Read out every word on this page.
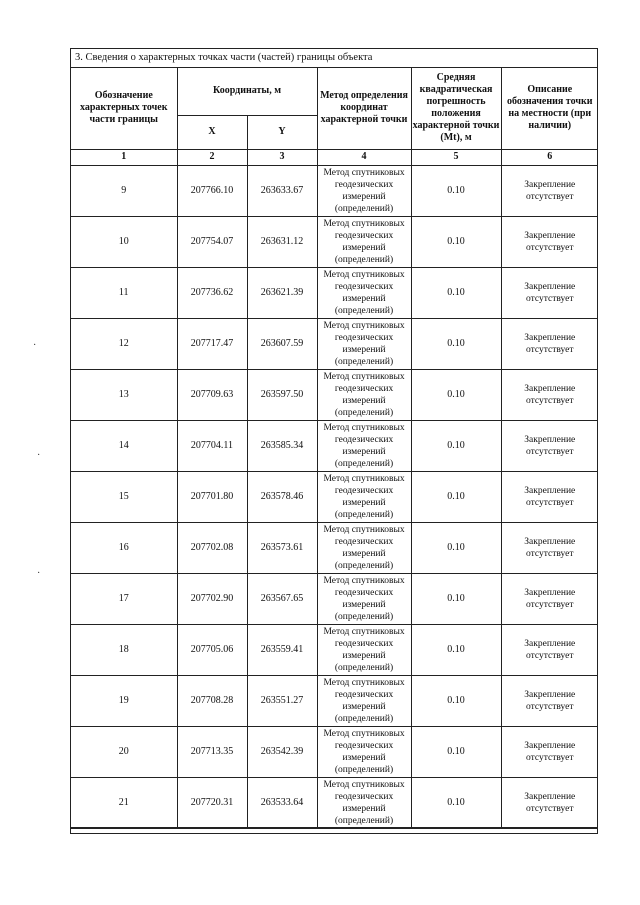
3. Сведения о характерных точках части (частей) границы объекта
Обозначение характерных точек части границы	Координаты, м		Метод определения координат характерной точки	Средняя квадратическая погрешность положения характерной точки (Mt), м	Описание обозначения точки на местности (при наличии)
	X	Y			
1	2	3	4	5	6
9	207766.10	263633.67	Метод спутниковых геодезических измерений (определений)	0.10	Закрепление отсутствует
10	207754.07	263631.12	Метод спутниковых геодезических измерений (определений)	0.10	Закрепление отсутствует
11	207736.62	263621.39	Метод спутниковых геодезических измерений (определений)	0.10	Закрепление отсутствует
12	207717.47	263607.59	Метод спутниковых геодезических измерений (определений)	0.10	Закрепление отсутствует
13	207709.63	263597.50	Метод спутниковых геодезических измерений (определений)	0.10	Закрепление отсутствует
14	207704.11	263585.34	Метод спутниковых геодезических измерений (определений)	0.10	Закрепление отсутствует
15	207701.80	263578.46	Метод спутниковых геодезических измерений (определений)	0.10	Закрепление отсутствует
16	207702.08	263573.61	Метод спутниковых геодезических измерений (определений)	0.10	Закрепление отсутствует
17	207702.90	263567.65	Метод спутниковых геодезических измерений (определений)	0.10	Закрепление отсутствует
18	207705.06	263559.41	Метод спутниковых геодезических измерений (определений)	0.10	Закрепление отсутствует
19	207708.28	263551.27	Метод спутниковых геодезических измерений (определений)	0.10	Закрепление отсутствует
20	207713.35	263542.39	Метод спутниковых геодезических измерений (определений)	0.10	Закрепление отсутствует
21	207720.31	263533.64	Метод спутниковых геодезических измерений (определений)	0.10	Закрепление отсутствует
·
·
·
